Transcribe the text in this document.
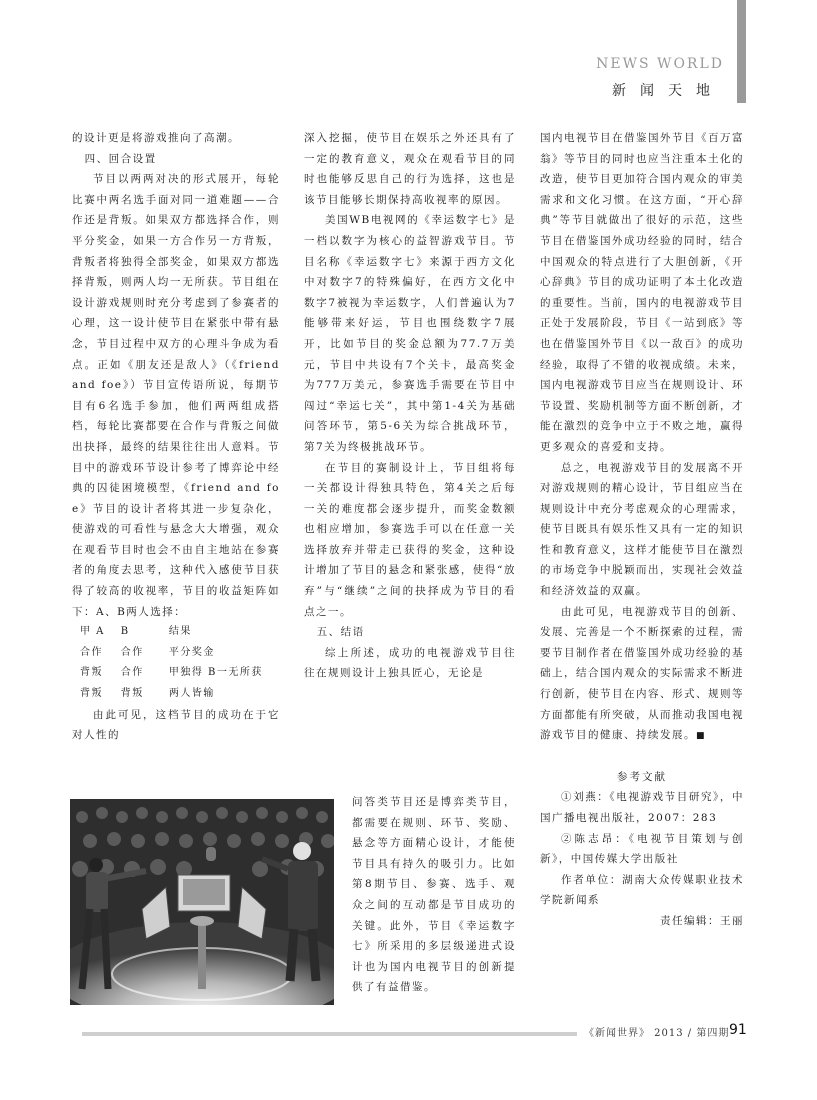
NEWS WORLD
新闻天地

的设计更是将游戏推向了高潮。

四、回合设置

节目以两两对决的形式展开，每轮比赛中两名选手面对同一道难题——合作还是背叛。如果双方都选择合作，则平分奖金，如果一方合作另一方背叛，背叛者将独得全部奖金，如果双方都选择背叛，则两人均一无所获。节目组在设计游戏规则时充分考虑到了参赛者的心理，这一设计使节目在紧张中带有悬念，节目过程中双方的心理斗争成为看点。正如《朋友还是敌人》（《friend and foe》）节目宣传语所说，每期节目有6名选手参加，他们两两组成搭档，每轮比赛都要在合作与背叛之间做出抉择，最终的结果往往出人意料。节目中的游戏环节设计参考了博弈论中经典的囚徒困境模型，《friend and foe》节目的设计者将其进一步复杂化，使游戏的可看性与悬念大大增强，观众在观看节目时也会不由自主地站在参赛者的角度去思考，这种代入感使节目获得了较高的收视率，节目的收益矩阵如下：A、B两人选择：

甲 A	B	结果
合作	合作	平分奖金
背叛	合作	甲独得 B一无所获
背叛	背叛	两人皆输

由此可见，这档节目的成功在于它对人性的

深入挖掘，使节目在娱乐之外还具有了一定的教育意义，观众在观看节目的同时也能够反思自己的行为选择，这也是该节目能够长期保持高收视率的原因。

美国WB电视网的《幸运数字七》是一档以数字为核心的益智游戏节目。节目名称《幸运数字七》来源于西方文化中对数字7的特殊偏好，在西方文化中数字7被视为幸运数字，人们普遍认为7能够带来好运，节目也围绕数字7展开，比如节目的奖金总额为77.7万美元，节目中共设有7个关卡，最高奖金为777万美元，参赛选手需要在节目中闯过“幸运七关”，其中第1-4关为基础问答环节，第5-6关为综合挑战环节，第7关为终极挑战环节。

在节目的赛制设计上，节目组将每一关都设计得独具特色，第4关之后每一关的难度都会逐步提升，而奖金数额也相应增加，参赛选手可以在任意一关选择放弃并带走已获得的奖金，这种设计增加了节目的悬念和紧张感，使得“放弃”与“继续”之间的抉择成为节目的看点之一。

五、结语

综上所述，成功的电视游戏节目往往在规则设计上独具匠心，无论是

问答类节目还是博弈类节目，都需要在规则、环节、奖励、悬念等方面精心设计，才能使节目具有持久的吸引力。比如第8期节目、参赛、选手、观众之间的互动都是节目成功的关键。此外，节目《幸运数字七》所采用的多层级递进式设计也为国内电视节目的创新提供了有益借鉴。

国内电视节目在借鉴国外节目《百万富翁》等节目的同时也应当注重本土化的改造，使节目更加符合国内观众的审美需求和文化习惯。在这方面，“开心辞典”等节目就做出了很好的示范，这些节目在借鉴国外成功经验的同时，结合中国观众的特点进行了大胆创新，《开心辞典》节目的成功证明了本土化改造的重要性。当前，国内的电视游戏节目正处于发展阶段，节目《一站到底》等也在借鉴国外节目《以一敌百》的成功经验，取得了不错的收视成绩。未来，国内电视游戏节目应当在规则设计、环节设置、奖励机制等方面不断创新，才能在激烈的竞争中立于不败之地，赢得更多观众的喜爱和支持。

总之，电视游戏节目的发展离不开对游戏规则的精心设计，节目组应当在规则设计中充分考虑观众的心理需求，使节目既具有娱乐性又具有一定的知识性和教育意义，这样才能使节目在激烈的市场竞争中脱颖而出，实现社会效益和经济效益的双赢。

由此可见，电视游戏节目的创新、发展、完善是一个不断探索的过程，需要节目制作者在借鉴国外成功经验的基础上，结合国内观众的实际需求不断进行创新，使节目在内容、形式、规则等方面都能有所突破，从而推动我国电视游戏节目的健康、持续发展。■

参考文献

①刘燕：《电视游戏节目研究》，中国广播电视出版社，2007：283

②陈志昂：《电视节目策划与创新》，中国传媒大学出版社

作者单位：湖南大众传媒职业技术学院新闻系

责任编辑：王丽

《新闻世界》 2013 / 第四期 91
